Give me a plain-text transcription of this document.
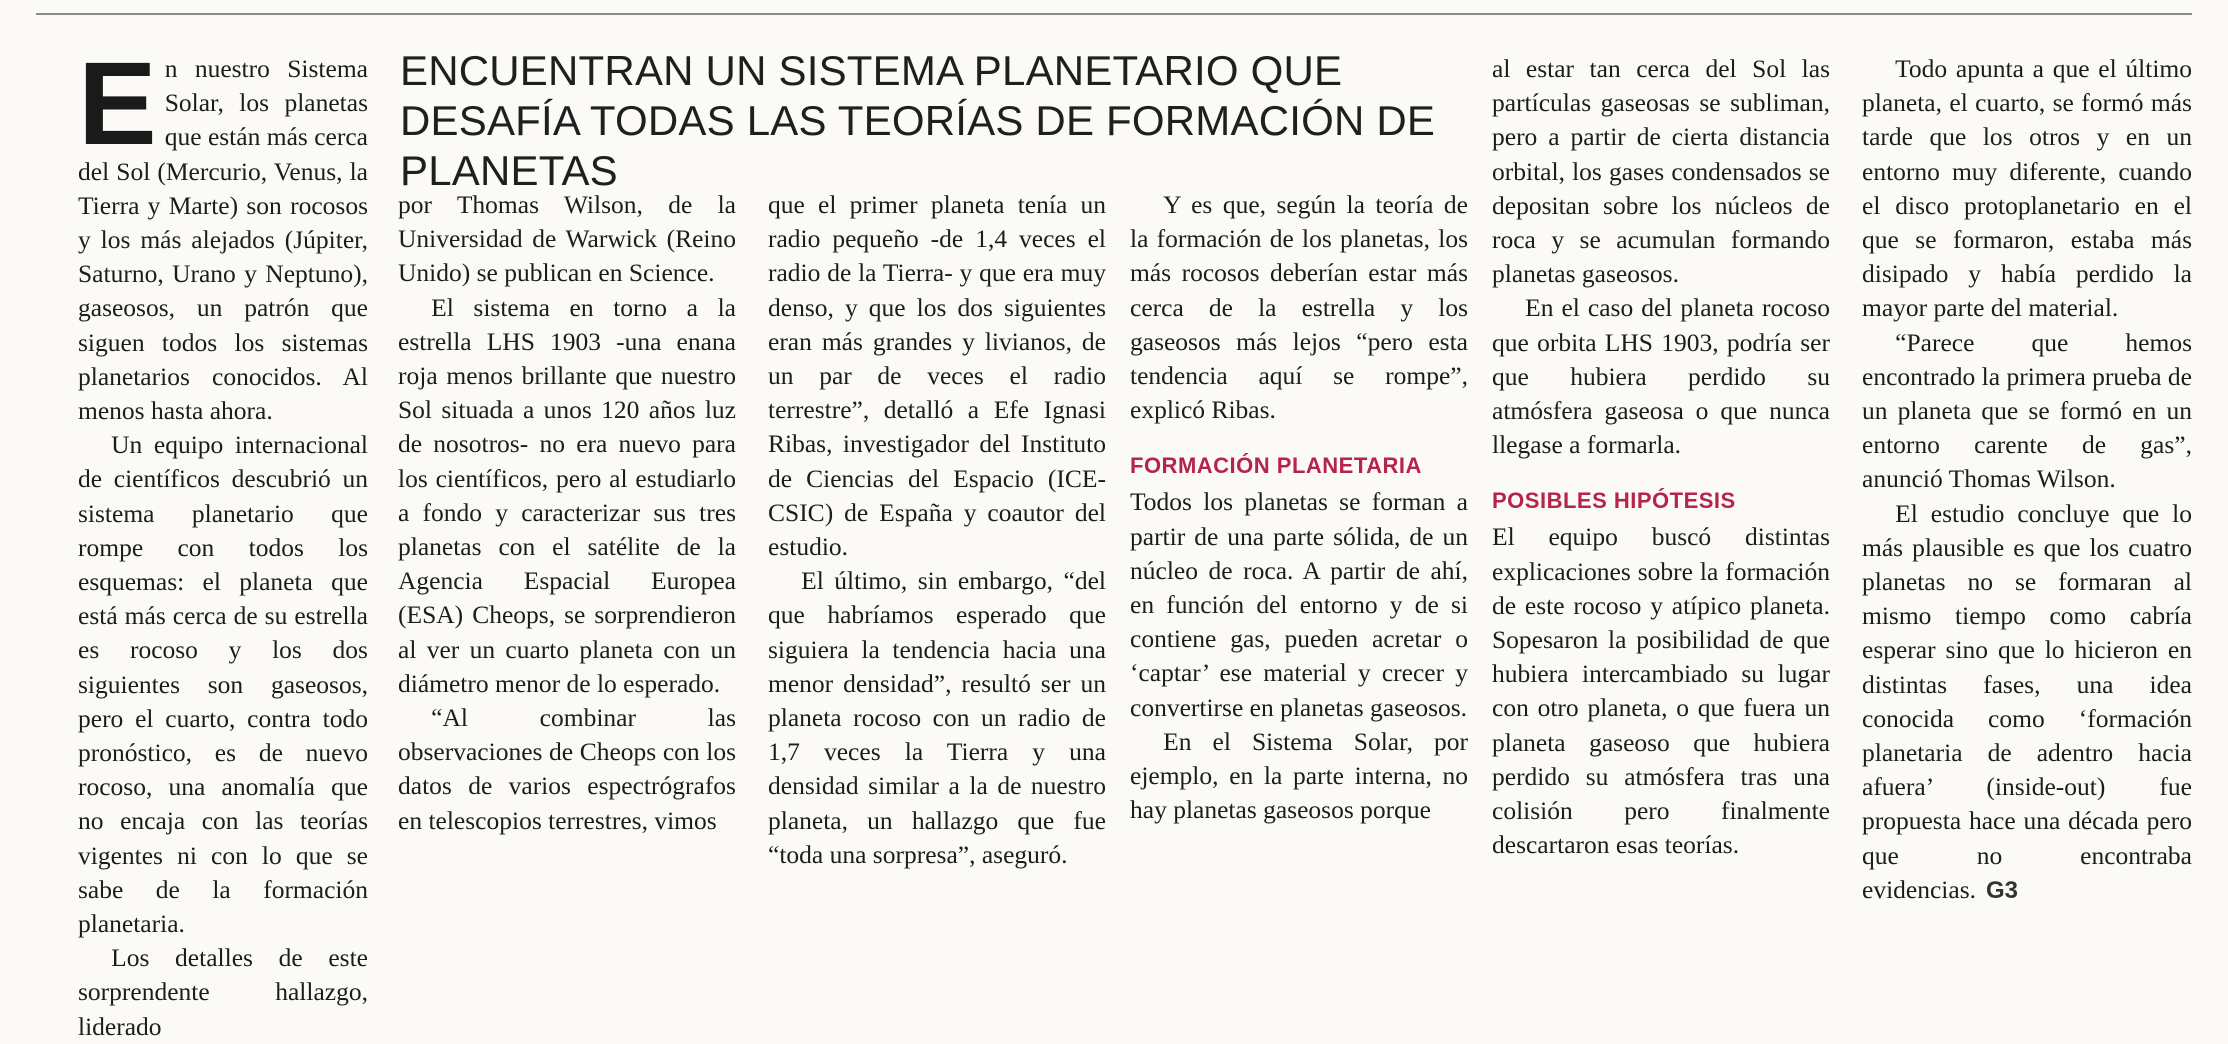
ENCUENTRAN UN SISTEMA PLANETARIO QUE DESAFÍA TODAS LAS TEORÍAS DE FORMACIÓN DE PLANETAS

En nuestro Sistema Solar, los planetas que están más cerca del Sol (Mercurio, Venus, la Tierra y Marte) son rocosos y los más alejados (Júpiter, Saturno, Urano y Neptuno), gaseosos, un patrón que siguen todos los sistemas planetarios conocidos. Al menos hasta ahora.

Un equipo internacional de científicos descubrió un sistema planetario que rompe con todos los esquemas: el planeta que está más cerca de su estrella es rocoso y los dos siguientes son gaseosos, pero el cuarto, contra todo pronóstico, es de nuevo rocoso, una anomalía que no encaja con las teorías vigentes ni con lo que se sabe de la formación planetaria.

Los detalles de este sorprendente hallazgo, liderado

por Thomas Wilson, de la Universidad de Warwick (Reino Unido) se publican en Science.

El sistema en torno a la estrella LHS 1903 -una enana roja menos brillante que nuestro Sol situada a unos 120 años luz de nosotros- no era nuevo para los científicos, pero al estudiarlo a fondo y caracterizar sus tres planetas con el satélite de la Agencia Espacial Europea (ESA) Cheops, se sorprendieron al ver un cuarto planeta con un diámetro menor de lo esperado.

“Al combinar las observaciones de Cheops con los datos de varios espectrógrafos en telescopios terrestres, vimos

que el primer planeta tenía un radio pequeño -de 1,4 veces el radio de la Tierra- y que era muy denso, y que los dos siguientes eran más grandes y livianos, de un par de veces el radio terrestre”, detalló a Efe Ignasi Ribas, investigador del Instituto de Ciencias del Espacio (ICE-CSIC) de España y coautor del estudio.

El último, sin embargo, “del que habríamos esperado que siguiera la tendencia hacia una menor densidad”, resultó ser un planeta rocoso con un radio de 1,7 veces la Tierra y una densidad similar a la de nuestro planeta, un hallazgo que fue “toda una sorpresa”, aseguró.

Y es que, según la teoría de la formación de los planetas, los más rocosos deberían estar más cerca de la estrella y los gaseosos más lejos “pero esta tendencia aquí se rompe”, explicó Ribas.

FORMACIÓN PLANETARIA

Todos los planetas se forman a partir de una parte sólida, de un núcleo de roca. A partir de ahí, en función del entorno y de si contiene gas, pueden acretar o ‘captar’ ese material y crecer y convertirse en planetas gaseosos.

En el Sistema Solar, por ejemplo, en la parte interna, no hay planetas gaseosos porque

al estar tan cerca del Sol las partículas gaseosas se subliman, pero a partir de cierta distancia orbital, los gases condensados se depositan sobre los núcleos de roca y se acumulan formando planetas gaseosos.

En el caso del planeta rocoso que orbita LHS 1903, podría ser que hubiera perdido su atmósfera gaseosa o que nunca llegase a formarla.

POSIBLES HIPÓTESIS

El equipo buscó distintas explicaciones sobre la formación de este rocoso y atípico planeta. Sopesaron la posibilidad de que hubiera intercambiado su lugar con otro planeta, o que fuera un planeta gaseoso que hubiera perdido su atmósfera tras una colisión pero finalmente descartaron esas teorías.

Todo apunta a que el último planeta, el cuarto, se formó más tarde que los otros y en un entorno muy diferente, cuando el disco protoplanetario en el que se formaron, estaba más disipado y había perdido la mayor parte del material.

“Parece que hemos encontrado la primera prueba de un planeta que se formó en un entorno carente de gas”, anunció Thomas Wilson.

El estudio concluye que lo más plausible es que los cuatro planetas no se formaran al mismo tiempo como cabría esperar sino que lo hicieron en distintas fases, una idea conocida como ‘formación planetaria de adentro hacia afuera’ (inside-out) fue propuesta hace una década pero que no encontraba evidencias. G3
